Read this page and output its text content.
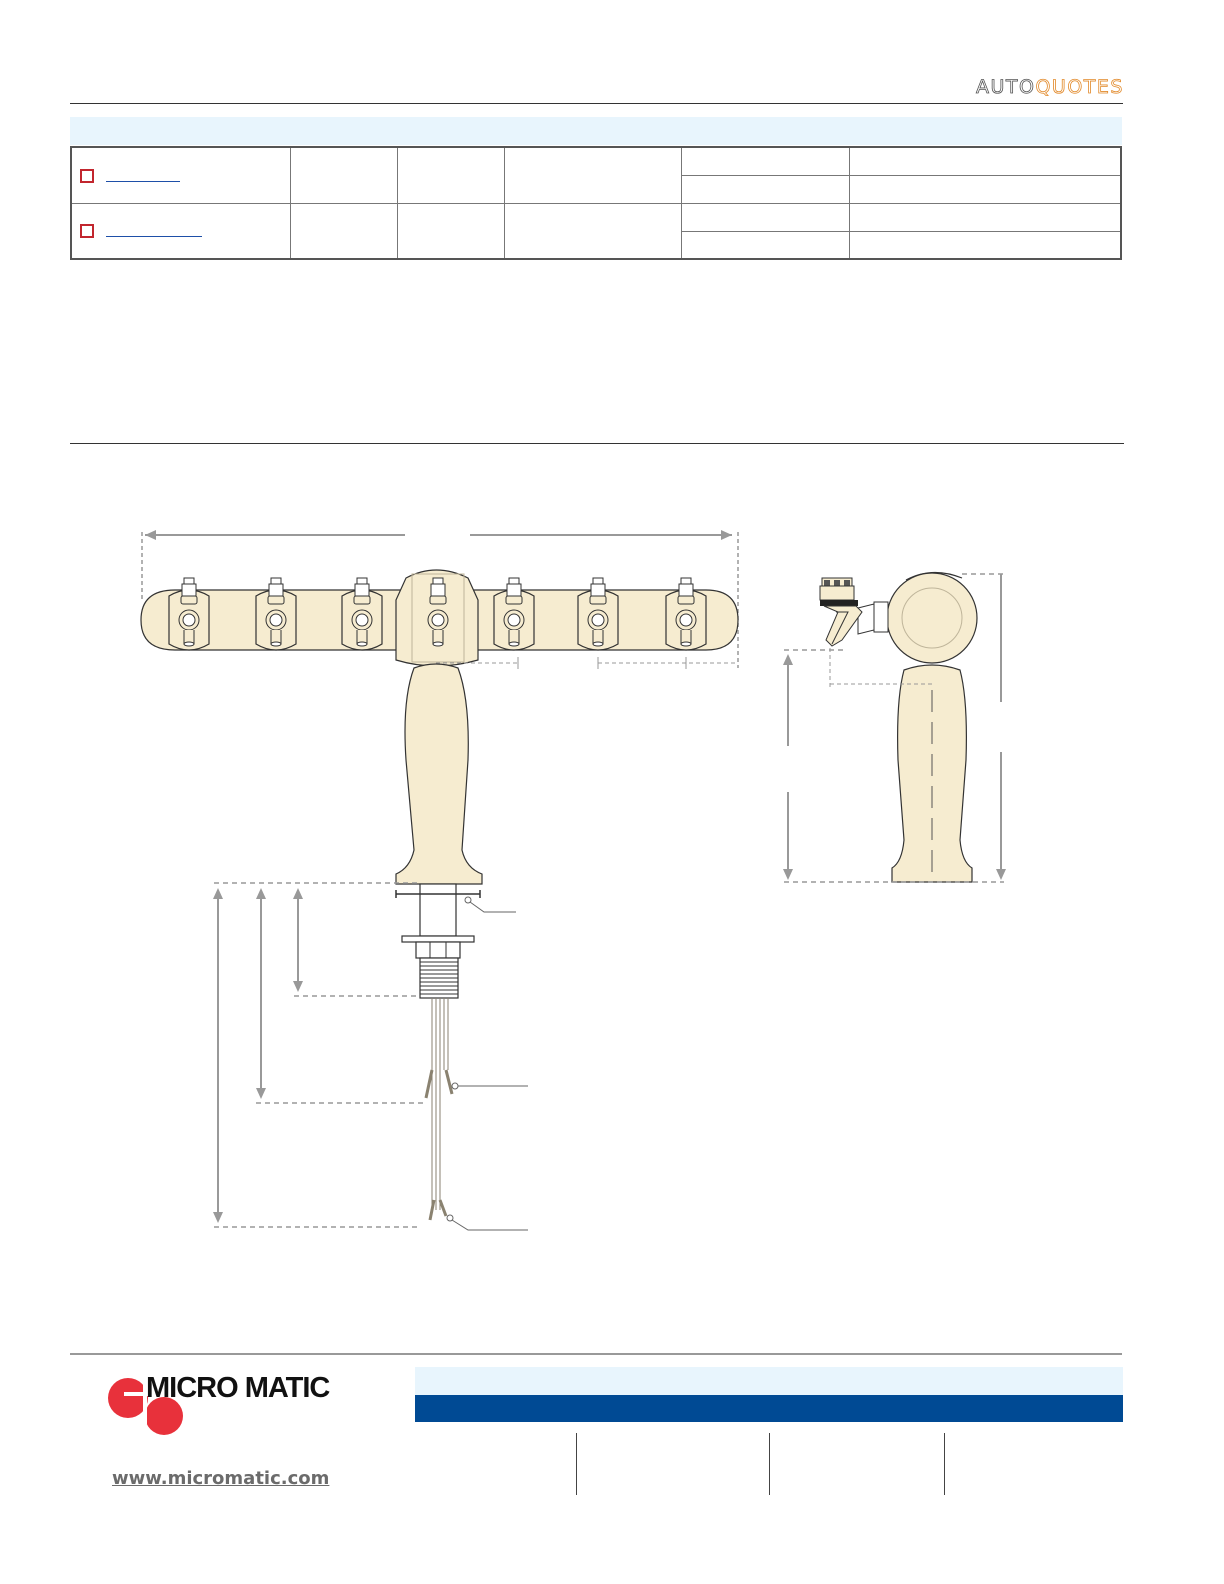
AUTOQUOTES

MICRO MATIC
www.micromatic.com
